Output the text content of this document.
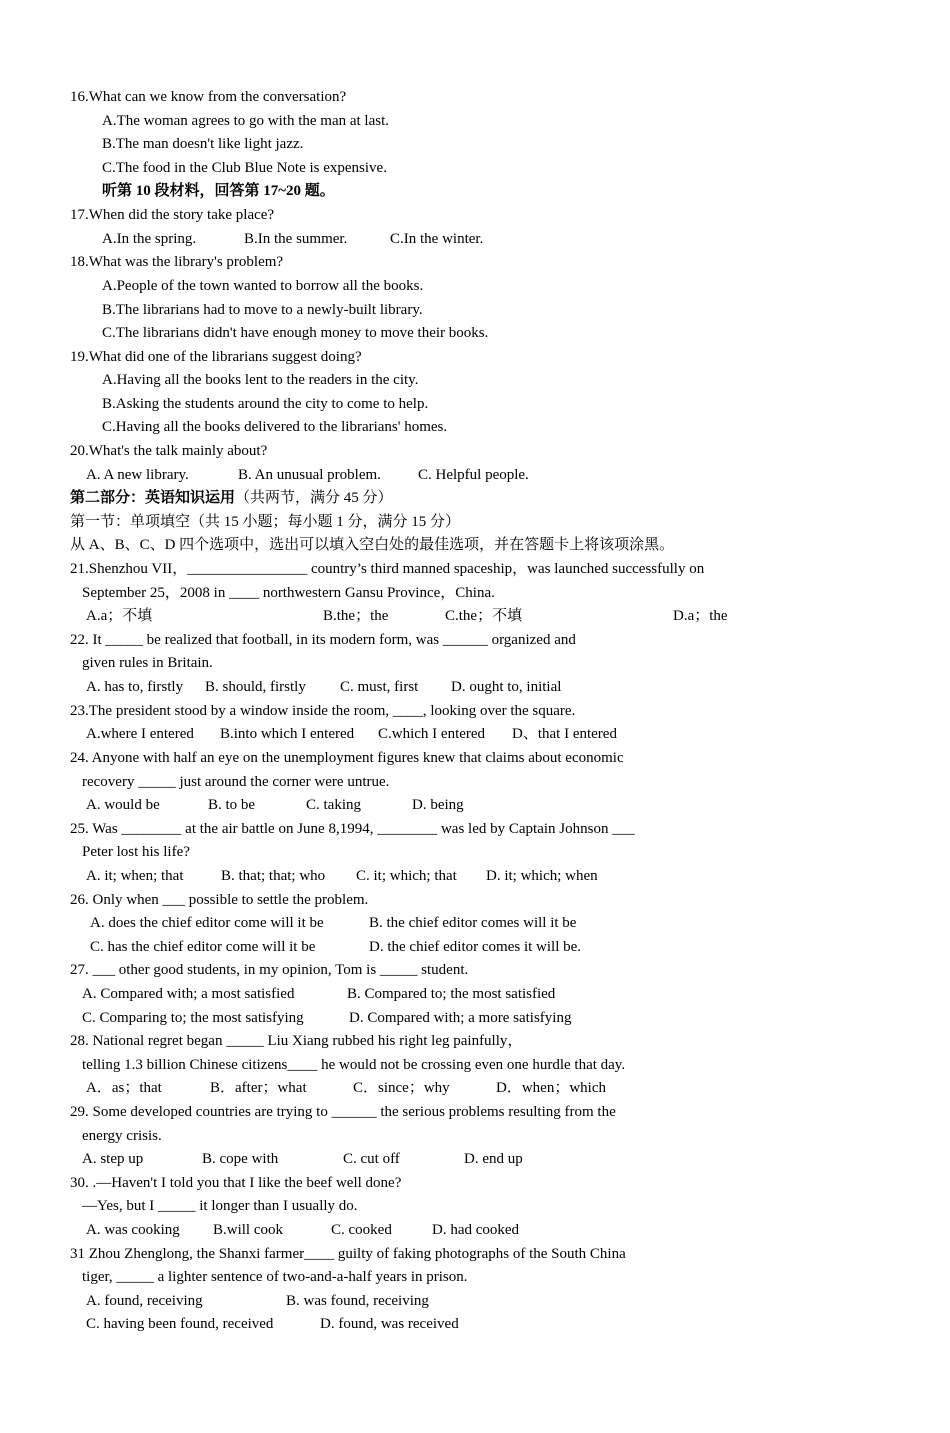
16.What can we know from the conversation?
A.The woman agrees to go with the man at last.
B.The man doesn't like light jazz.
C.The food in the Club Blue Note is expensive.
听第 10 段材料，回答第 17~20 题。
17.When did the story take place?
A.In the spring.	B.In the summer.	C.In the winter.
18.What was the library's problem?
A.People of the town wanted to borrow all the books.
B.The librarians had to move to a newly-built library.
C.The librarians didn't have enough money to move their books.
19.What did one of the librarians suggest doing?
A.Having all the books lent to the readers in the city.
B.Asking the students around the city to come to help.
C.Having all the books delivered to the librarians' homes.
20.What's the talk mainly about?
A. A new library.	B. An unusual problem. C. Helpful people.
第二部分：英语知识运用（共两节，满分 45 分）
第一节：单项填空（共 15 小题；每小题 1 分，满分 15 分）
从 A、B、C、D 四个选项中，选出可以填入空白处的最佳选项，并在答题卡上将该项涂黑。
21.Shenzhou VII，________________ country’s third manned spaceship，was launched successfully on
September 25，2008 in ____ northwestern Gansu Province，China.
A.a；不填	B.the；the	C.the；不填	D.a；the
22. It _____ be realized that football, in its modern form, was ______ organized and
given rules in Britain.
A. has to, firstly B. should, firstly C. must, first D. ought to, initial
23.The president stood by a window inside the room, ____, looking over the square.
A.where I entered B.into which I entered C.which I entered D、that I entered
24. Anyone with half an eye on the unemployment figures knew that claims about economic
recovery _____ just around the corner were untrue.
A. would be	B. to be	C. taking	D. being
25. Was ________ at the air battle on June 8,1994, ________ was led by Captain Johnson ___
Peter lost his life?
A. it; when; that	B. that; that; who C. it; which; that D. it; which; when
26. Only when ___ possible to settle the problem.
A. does the chief editor come will it be	B. the chief editor comes will it be
C. has the chief editor come will it be	D. the chief editor comes it will be.
27. ___ other good students, in my opinion, Tom is _____ student.
A. Compared with; a most satisfied	B. Compared to; the most satisfied
C. Comparing to; the most satisfying	D. Compared with; a more satisfying
28. National regret began _____ Liu Xiang rubbed his right leg painfully，
telling 1.3 billion Chinese citizens____ he would not be crossing even one hurdle that day.
A．as；that	B．after；what	C．since；why	D．when；which
29. Some developed countries are trying to ______ the serious problems resulting from the
energy crisis.
A. step up	B. cope with	C. cut off	D. end up
30. .—Haven't I told you that I like the beef well done?
—Yes, but I _____ it longer than I usually do.
A. was cooking B.will cook	C. cooked	D. had cooked
31 Zhou Zhenglong, the Shanxi farmer____ guilty of faking photographs of the South China
tiger, _____ a lighter sentence of two-and-a-half years in prison.
A. found, receiving	B. was found, receiving
C. having been found, received	D. found, was received
